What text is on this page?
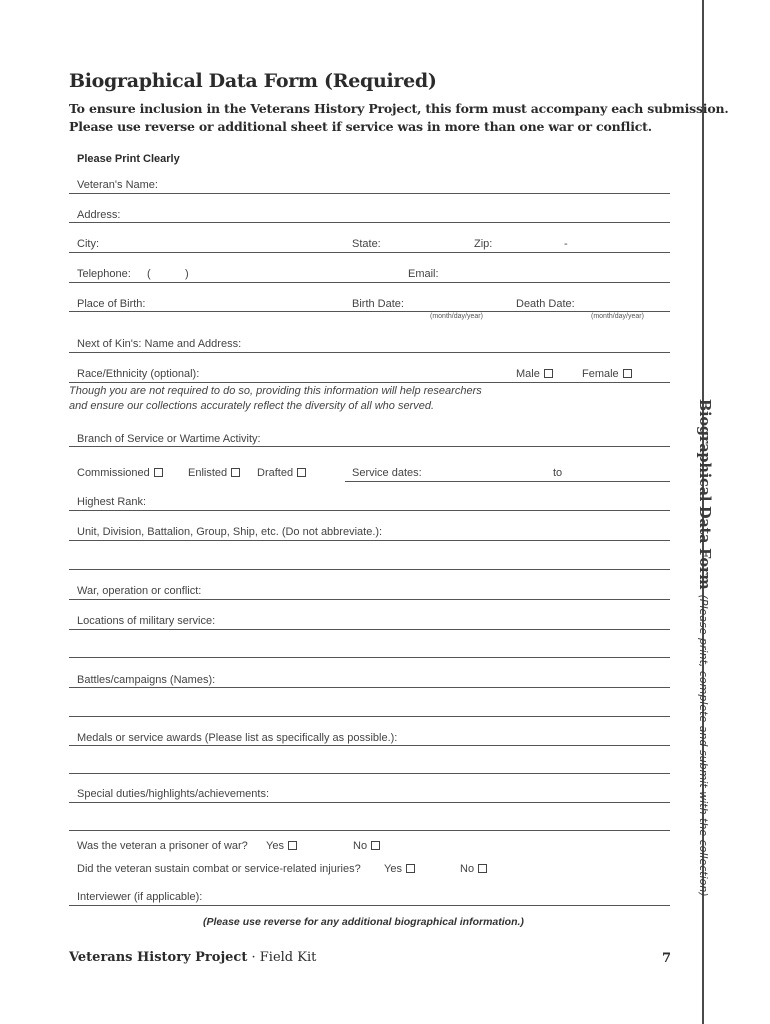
Biographical Data Form (Required)
To ensure inclusion in the Veterans History Project, this form must accompany each submission.
Please use reverse or additional sheet if service was in more than one war or conflict.
Please Print Clearly
Veteran's Name:
Address:
City:	State:	Zip:	-
Telephone: (	)	Email:
Place of Birth:	Birth Date:	Death Date:
(month/day/year)	(month/day/year)
Next of Kin's: Name and Address:
Race/Ethnicity (optional):	Male	Female
Though you are not required to do so, providing this information will help researchers
and ensure our collections accurately reflect the diversity of all who served.
Branch of Service or Wartime Activity:
Commissioned	Enlisted	Drafted	Service dates:	to
Highest Rank:
Unit, Division, Battalion, Group, Ship, etc. (Do not abbreviate.):
War, operation or conflict:
Locations of military service:
Battles/campaigns (Names):
Medals or service awards (Please list as specifically as possible.):
Special duties/highlights/achievements:
Was the veteran a prisoner of war? Yes	No
Did the veteran sustain combat or service-related injuries? Yes	No
Interviewer (if applicable):
(Please use reverse for any additional biographical information.)
Veterans History Project · Field Kit	7
Biographical Data Form (Please print, complete and submit with the collection)
